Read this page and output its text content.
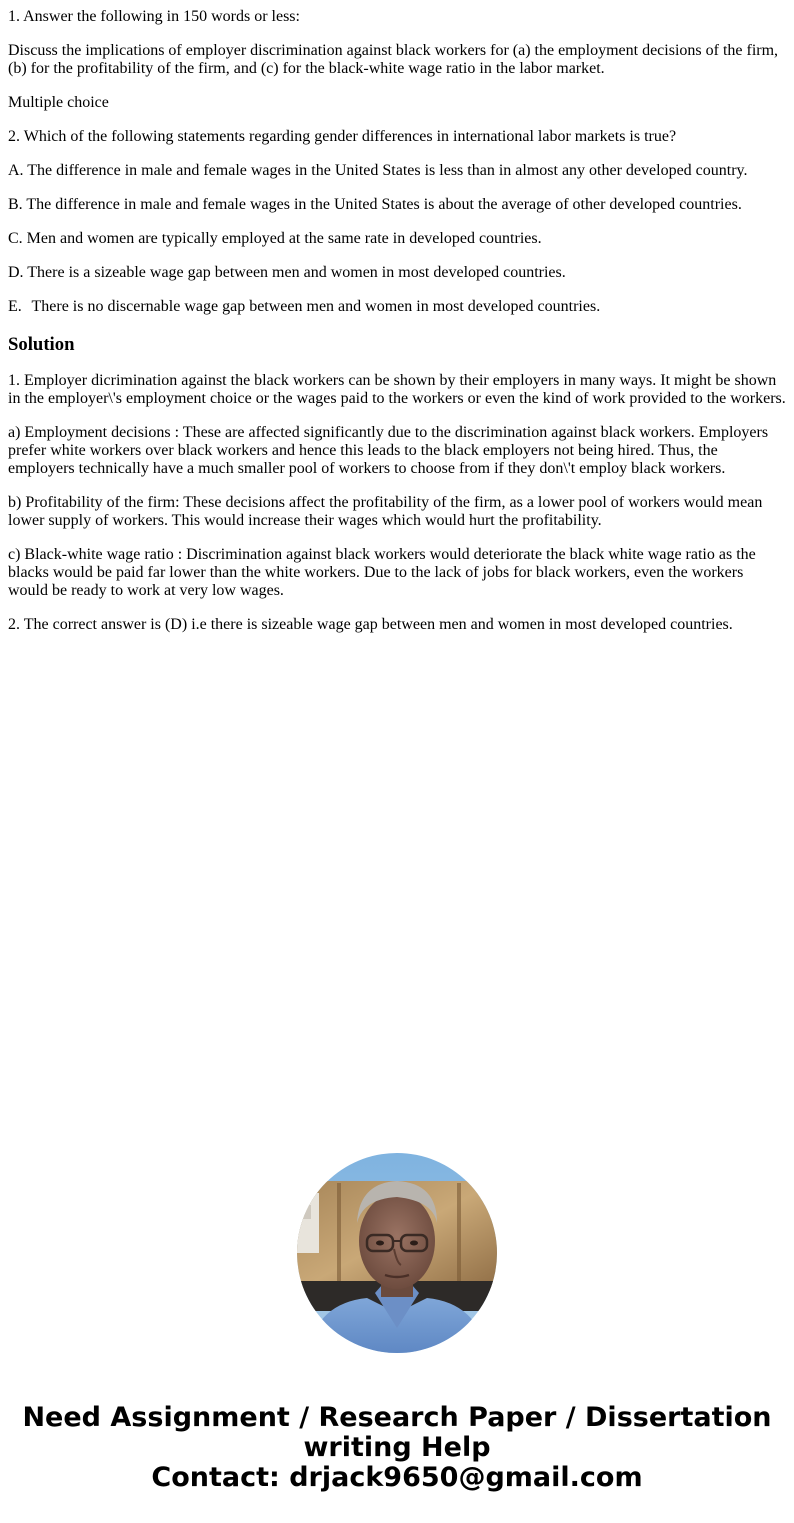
1. Answer the following in 150 words or less:

Discuss the implications of employer discrimination against black workers for (a) the employment decisions of the firm, (b) for the profitability of the firm, and (c) for the black-white wage ratio in the labor market.

Multiple choice

2. Which of the following statements regarding gender differences in international labor markets is true?

A. The difference in male and female wages in the United States is less than in almost any other developed country.

B. The difference in male and female wages in the United States is about the average of other developed countries.

C. Men and women are typically employed at the same rate in developed countries.

D. There is a sizeable wage gap between men and women in most developed countries.

E. There is no discernable wage gap between men and women in most developed countries.

Solution

1. Employer dicrimination against the black workers can be shown by their employers in many ways. It might be shown in the employer\'s employment choice or the wages paid to the workers or even the kind of work provided to the workers.

a) Employment decisions : These are affected significantly due to the discrimination against black workers. Employers prefer white workers over black workers and hence this leads to the black employers not being hired. Thus, the employers technically have a much smaller pool of workers to choose from if they don\'t employ black workers.

b) Profitability of the firm: These decisions affect the profitability of the firm, as a lower pool of workers would mean lower supply of workers. This would increase their wages which would hurt the profitability.

c) Black-white wage ratio : Discrimination against black workers would deteriorate the black white wage ratio as the blacks would be paid far lower than the white workers. Due to the lack of jobs for black workers, even the workers would be ready to work at very low wages.

2. The correct answer is (D) i.e there is sizeable wage gap between men and women in most developed countries.

Need Assignment / Research Paper / Dissertation
writing Help
Contact: drjack9650@gmail.com
